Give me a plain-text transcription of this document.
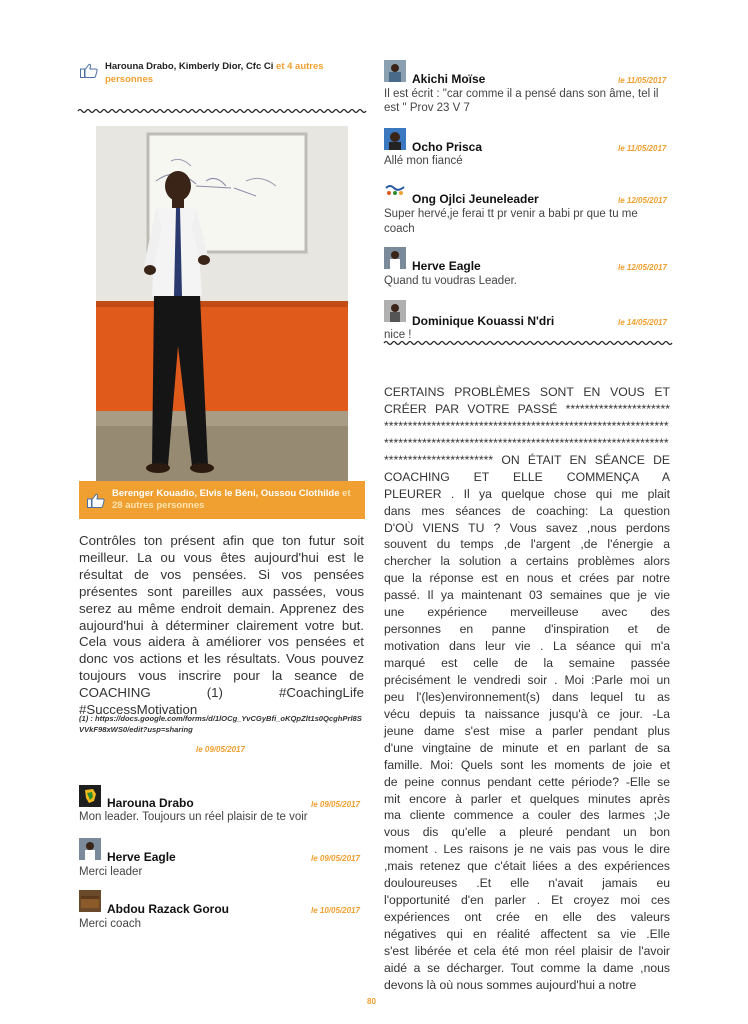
Harouna Drabo, Kimberly Dior, Cfc Ci et 4 autres personnes
Berenger Kouadio, Elvis le Béni, Oussou Clothilde et 28 autres personnes
Contrôles ton présent afin que ton futur soit meilleur. La ou vous êtes aujourd'hui est le résultat de vos pensées. Si vos pensées présentes sont pareilles aux passées, vous serez au même endroit demain. Apprenez des aujourd'hui à déterminer clairement votre but. Cela vous aidera à améliorer vos pensées et donc vos actions et les résultats. Vous pouvez toujours vous inscrire pour la seance de COACHING (1) #CoachingLife #SuccessMotivation
(1) : https://docs.google.com/forms/d/1lOCg_YvCGyBfi_oKQpZlt1s0QcghPrl8SVVkF98xWS0/edit?usp=sharing
le 09/05/2017
Harouna Drabo	le 09/05/2017
Mon leader. Toujours un réel plaisir de te voir
Herve Eagle	le 09/05/2017
Merci leader
Abdou Razack Gorou	le 10/05/2017
Merci coach
Akichi Moïse	le 11/05/2017
Il est écrit : "car comme il a pensé dans son âme, tel il est " Prov 23 V 7
Ocho Prisca	le 11/05/2017
Allé mon fiancé
Ong Ojlci Jeuneleader	le 12/05/2017
Super hervé,je ferai tt pr venir a babi pr que tu me coach
Herve Eagle	le 12/05/2017
Quand tu voudras Leader.
Dominique Kouassi N'dri	le 14/05/2017
nice !
CERTAINS PROBLÈMES SONT EN VOUS ET
CRÉER PAR VOTRE PASSÉ **********************
************************************************************
************************************************************
*********************** ON ÉTAIT EN SÉANCE DE
COACHING ET ELLE COMMENÇA A
PLEURER . Il ya quelque chose qui me plait
dans mes séances de coaching: La question
D'OÙ VIENS TU ? Vous savez ,nous perdons
souvent du temps ,de l'argent ,de l'énergie a
chercher la solution a certains problèmes alors
que la réponse est en nous et crées par notre
passé. Il ya maintenant 03 semaines que je vie
une expérience merveilleuse avec des
personnes en panne d'inspiration et de
motivation dans leur vie . La séance qui m'a
marqué est celle de la semaine passée
précisément le vendredi soir . Moi :Parle moi un
peu l'(les)environnement(s) dans lequel tu as
vécu depuis ta naissance jusqu'à ce jour. -La
jeune dame s'est mise a parler pendant plus
d'une vingtaine de minute et en parlant de sa
famille. Moi: Quels sont les moments de joie et
de peine connus pendant cette période? -Elle se
mit encore à parler et quelques minutes après
ma cliente commence a couler des larmes ;Je
vous dis qu'elle a pleuré pendant un bon
moment . Les raisons je ne vais pas vous le dire
,mais retenez que c'était liées a des expériences
douloureuses .Et elle n'avait jamais eu
l'opportunité d'en parler . Et croyez moi ces
expériences ont crée en elle des valeurs
négatives qui en réalité affectent sa vie .Elle
s'est libérée et cela été mon réel plaisir de l'avoir
aidé a se décharger. Tout comme la dame ,nous
devons là où nous sommes aujourd'hui a notre
80
